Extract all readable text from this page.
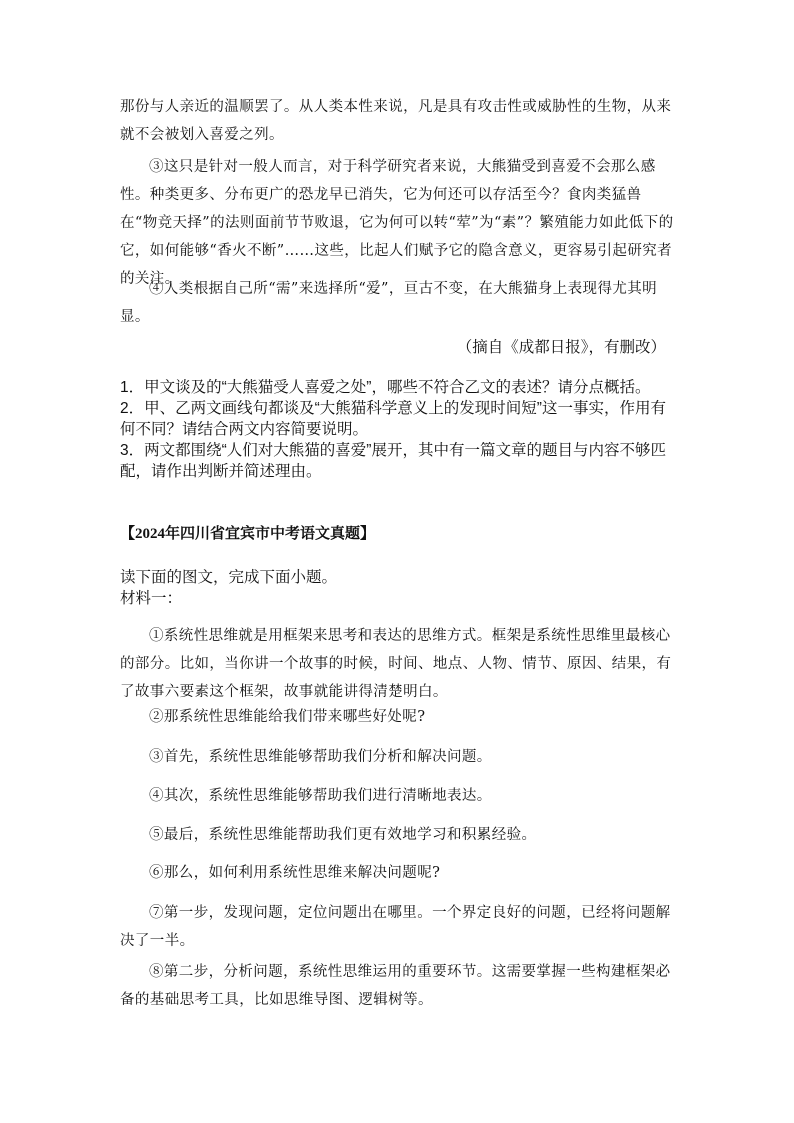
那份与人亲近的温顺罢了。从人类本性来说，凡是具有攻击性或威胁性的生物，从来就不会被划入喜爱之列。

③这只是针对一般人而言，对于科学研究者来说，大熊猫受到喜爱不会那么感性。种类更多、分布更广的恐龙早已消失，它为何还可以存活至今？食肉类猛兽在“物竞天择”的法则面前节节败退，它为何可以转“荤”为“素”？繁殖能力如此低下的它，如何能够“香火不断”……这些，比起人们赋予它的隐含意义，更容易引起研究者的关注。

④人类根据自己所“需”来选择所“爱”，亘古不变，在大熊猫身上表现得尤其明显。

（摘自《成都日报》，有删改）

1．甲文谈及的“大熊猫受人喜爱之处”，哪些不符合乙文的表述？请分点概括。
2．甲、乙两文画线句都谈及“大熊猫科学意义上的发现时间短”这一事实，作用有何不同？请结合两文内容简要说明。
3．两文都围绕“人们对大熊猫的喜爱”展开，其中有一篇文章的题目与内容不够匹配，请作出判断并简述理由。

【2024年四川省宜宾市中考语文真题】

读下面的图文，完成下面小题。
材料一：

①系统性思维就是用框架来思考和表达的思维方式。框架是系统性思维里最核心的部分。比如，当你讲一个故事的时候，时间、地点、人物、情节、原因、结果，有了故事六要素这个框架，故事就能讲得清楚明白。

②那系统性思维能给我们带来哪些好处呢?

③首先，系统性思维能够帮助我们分析和解决问题。

④其次，系统性思维能够帮助我们进行清晰地表达。

⑤最后，系统性思维能帮助我们更有效地学习和积累经验。

⑥那么，如何利用系统性思维来解决问题呢?

⑦第一步，发现问题，定位问题出在哪里。一个界定良好的问题，已经将问题解决了一半。

⑧第二步，分析问题，系统性思维运用的重要环节。这需要掌握一些构建框架必备的基础思考工具，比如思维导图、逻辑树等。
